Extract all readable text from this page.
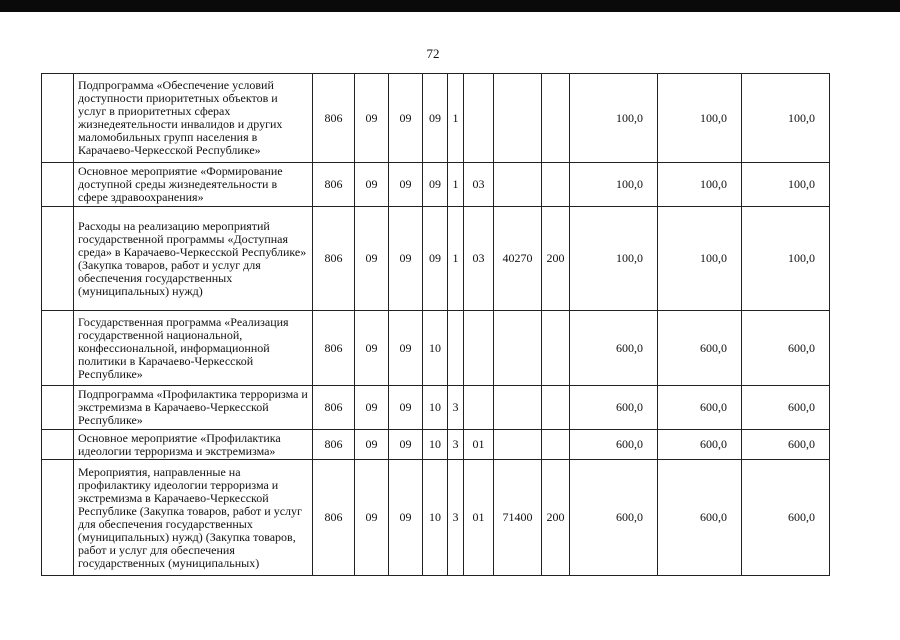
72
	Подпрограмма «Обеспечение условий доступности приоритетных объектов и услуг в приоритетных сферах жизнедеятельности инвалидов и других маломобильных групп населения в Карачаево-Черкесской Республике»	806	09	09	09	1				100,0	100,0	100,0
	Основное мероприятие «Формирование доступной среды жизнедеятельности в сфере здравоохранения»	806	09	09	09	1	03			100,0	100,0	100,0
	Расходы на реализацию мероприятий государственной программы «Доступная среда» в Карачаево-Черкесской Республике» (Закупка товаров, работ и услуг для обеспечения государственных (муниципальных) нужд)	806	09	09	09	1	03	40270	200	100,0	100,0	100,0
	Государственная программа «Реализация государственной национальной, конфессиональной, информационной политики в Карачаево-Черкесской Республике»	806	09	09	10					600,0	600,0	600,0
	Подпрограмма «Профилактика терроризма и экстремизма в Карачаево-Черкесской Республике»	806	09	09	10	3				600,0	600,0	600,0
	Основное мероприятие «Профилактика идеологии терроризма и экстремизма»	806	09	09	10	3	01			600,0	600,0	600,0
	Мероприятия, направленные на профилактику идеологии терроризма и экстремизма в Карачаево-Черкесской Республике (Закупка товаров, работ и услуг для обеспечения государственных (муниципальных) нужд) (Закупка товаров, работ и услуг для обеспечения государственных (муниципальных)	806	09	09	10	3	01	71400	200	600,0	600,0	600,0
